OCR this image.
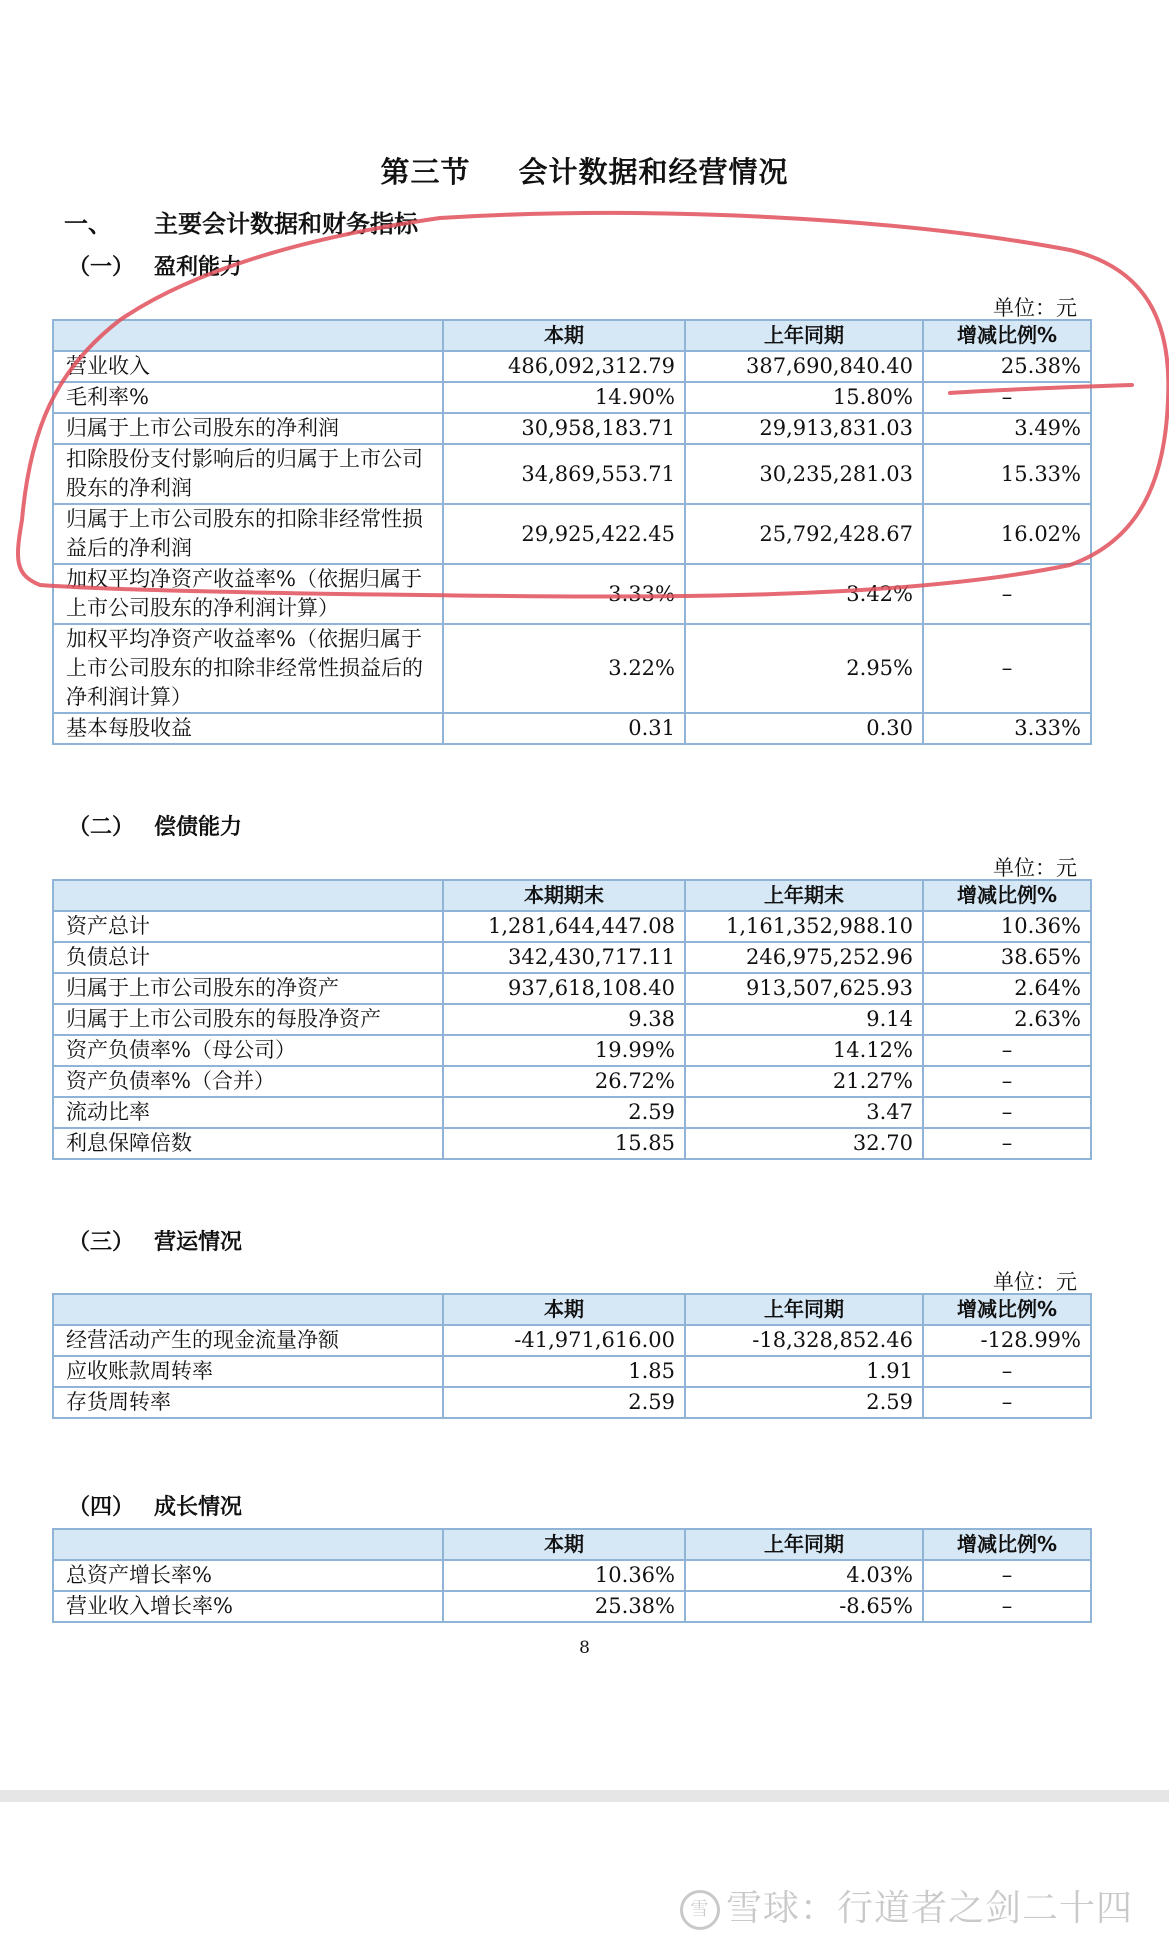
第三节 会计数据和经营情况
一、 主要会计数据和财务指标
（一） 盈利能力
单位：元
	本期	上年同期	增减比例%
营业收入	486,092,312.79	387,690,840.40	25.38%
毛利率%	14.90%	15.80%	–
归属于上市公司股东的净利润	30,958,183.71	29,913,831.03	3.49%
扣除股份支付影响后的归属于上市公司股东的净利润	34,869,553.71	30,235,281.03	15.33%
归属于上市公司股东的扣除非经常性损益后的净利润	29,925,422.45	25,792,428.67	16.02%
加权平均净资产收益率%（依据归属于上市公司股东的净利润计算）	3.33%	3.42%	–
加权平均净资产收益率%（依据归属于上市公司股东的扣除非经常性损益后的净利润计算）	3.22%	2.95%	–
基本每股收益	0.31	0.30	3.33%
（二） 偿债能力
单位：元
	本期期末	上年期末	增减比例%
资产总计	1,281,644,447.08	1,161,352,988.10	10.36%
负债总计	342,430,717.11	246,975,252.96	38.65%
归属于上市公司股东的净资产	937,618,108.40	913,507,625.93	2.64%
归属于上市公司股东的每股净资产	9.38	9.14	2.63%
资产负债率%（母公司）	19.99%	14.12%	–
资产负债率%（合并）	26.72%	21.27%	–
流动比率	2.59	3.47	–
利息保障倍数	15.85	32.70	–
（三） 营运情况
单位：元
	本期	上年同期	增减比例%
经营活动产生的现金流量净额	-41,971,616.00	-18,328,852.46	-128.99%
应收账款周转率	1.85	1.91	–
存货周转率	2.59	2.59	–
（四） 成长情况
	本期	上年同期	增减比例%
总资产增长率%	10.36%	4.03%	–
营业收入增长率%	25.38%	-8.65%	–
8
雪 雪球：行道者之剑二十四
